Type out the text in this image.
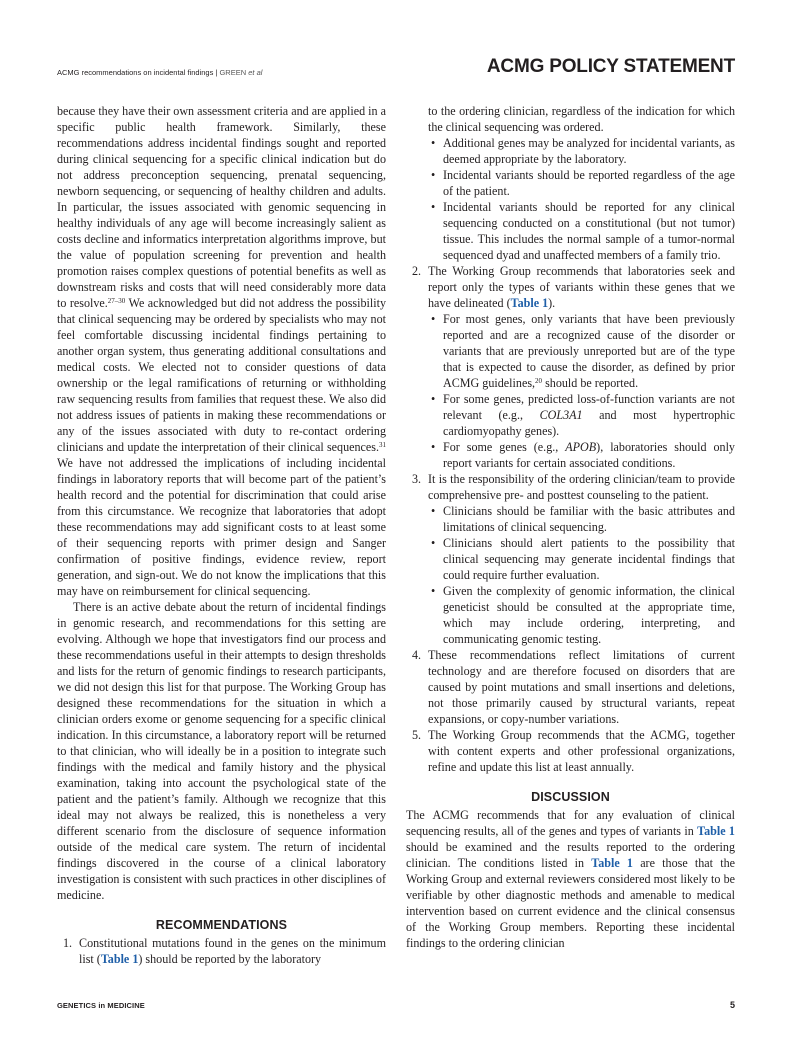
ACMG recommendations on incidental findings | GREEN et al	ACMG POLICY STATEMENT

because they have their own assessment criteria and are applied in a specific public health framework. Similarly, these recommendations address incidental findings sought and reported during clinical sequencing for a specific clinical indication but do not address preconception sequencing, prenatal sequencing, newborn sequencing, or sequencing of healthy children and adults. In particular, the issues associated with genomic sequencing in healthy individuals of any age will become increasingly salient as costs decline and informatics interpretation algorithms improve, but the value of population screening for prevention and health promotion raises complex questions of potential benefits as well as downstream risks and costs that will need considerably more data to resolve.$^{27-30}$ We acknowledged but did not address the possibility that clinical sequencing may be ordered by specialists who may not feel comfortable discussing incidental findings pertaining to another organ system, thus generating additional consultations and medical costs. We elected not to consider questions of data ownership or the legal ramifications of returning or withholding raw sequencing results from families that request these. We also did not address issues of patients in making these recommendations or any of the issues associated with duty to re-contact ordering clinicians and update the interpretation of their clinical sequences.$^{31}$ We have not addressed the implications of including incidental findings in laboratory reports that will become part of the patient’s health record and the potential for discrimination that could arise from this circumstance. We recognize that laboratories that adopt these recommendations may add significant costs to at least some of their sequencing reports with primer design and Sanger confirmation of positive findings, evidence review, report generation, and sign-out. We do not know the implications that this may have on reimbursement for clinical sequencing.

There is an active debate about the return of incidental findings in genomic research, and recommendations for this setting are evolving. Although we hope that investigators find our process and these recommendations useful in their attempts to design thresholds and lists for the return of genomic findings to research participants, we did not design this list for that purpose. The Working Group has designed these recommendations for the situation in which a clinician orders exome or genome sequencing for a specific clinical indication. In this circumstance, a laboratory report will be returned to that clinician, who will ideally be in a position to integrate such findings with the medical and family history and the physical examination, taking into account the psychological state of the patient and the patient’s family. Although we recognize that this ideal may not always be realized, this is nonetheless a very different scenario from the disclosure of sequence information outside of the medical care system. The return of incidental findings discovered in the course of a clinical laboratory investigation is consistent with such practices in other disciplines of medicine.

RECOMMENDATIONS
1. Constitutional mutations found in the genes on the minimum list (Table 1) should be reported by the laboratory
to the ordering clinician, regardless of the indication for which the clinical sequencing was ordered.
• Additional genes may be analyzed for incidental variants, as deemed appropriate by the laboratory.
• Incidental variants should be reported regardless of the age of the patient.
• Incidental variants should be reported for any clinical sequencing conducted on a constitutional (but not tumor) tissue. This includes the normal sample of a tumor-normal sequenced dyad and unaffected members of a family trio.
2. The Working Group recommends that laboratories seek and report only the types of variants within these genes that we have delineated (Table 1).
• For most genes, only variants that have been previously reported and are a recognized cause of the disorder or variants that are previously unreported but are of the type that is expected to cause the disorder, as defined by prior ACMG guidelines,$^{20}$ should be reported.
• For some genes, predicted loss-of-function variants are not relevant (e.g., COL3A1 and most hypertrophic cardiomyopathy genes).
• For some genes (e.g., APOB), laboratories should only report variants for certain associated conditions.
3. It is the responsibility of the ordering clinician/team to provide comprehensive pre- and posttest counseling to the patient.
• Clinicians should be familiar with the basic attributes and limitations of clinical sequencing.
• Clinicians should alert patients to the possibility that clinical sequencing may generate incidental findings that could require further evaluation.
• Given the complexity of genomic information, the clinical geneticist should be consulted at the appropriate time, which may include ordering, interpreting, and communicating genomic testing.
4. These recommendations reflect limitations of current technology and are therefore focused on disorders that are caused by point mutations and small insertions and deletions, not those primarily caused by structural variants, repeat expansions, or copy-number variations.
5. The Working Group recommends that the ACMG, together with content experts and other professional organizations, refine and update this list at least annually.
DISCUSSION

The ACMG recommends that for any evaluation of clinical sequencing results, all of the genes and types of variants in Table 1 should be examined and the results reported to the ordering clinician. The conditions listed in Table 1 are those that the Working Group and external reviewers considered most likely to be verifiable by other diagnostic methods and amenable to medical intervention based on current evidence and the clinical consensus of the Working Group members. Reporting these incidental findings to the ordering clinician

GENETICS in MEDICINE	5
